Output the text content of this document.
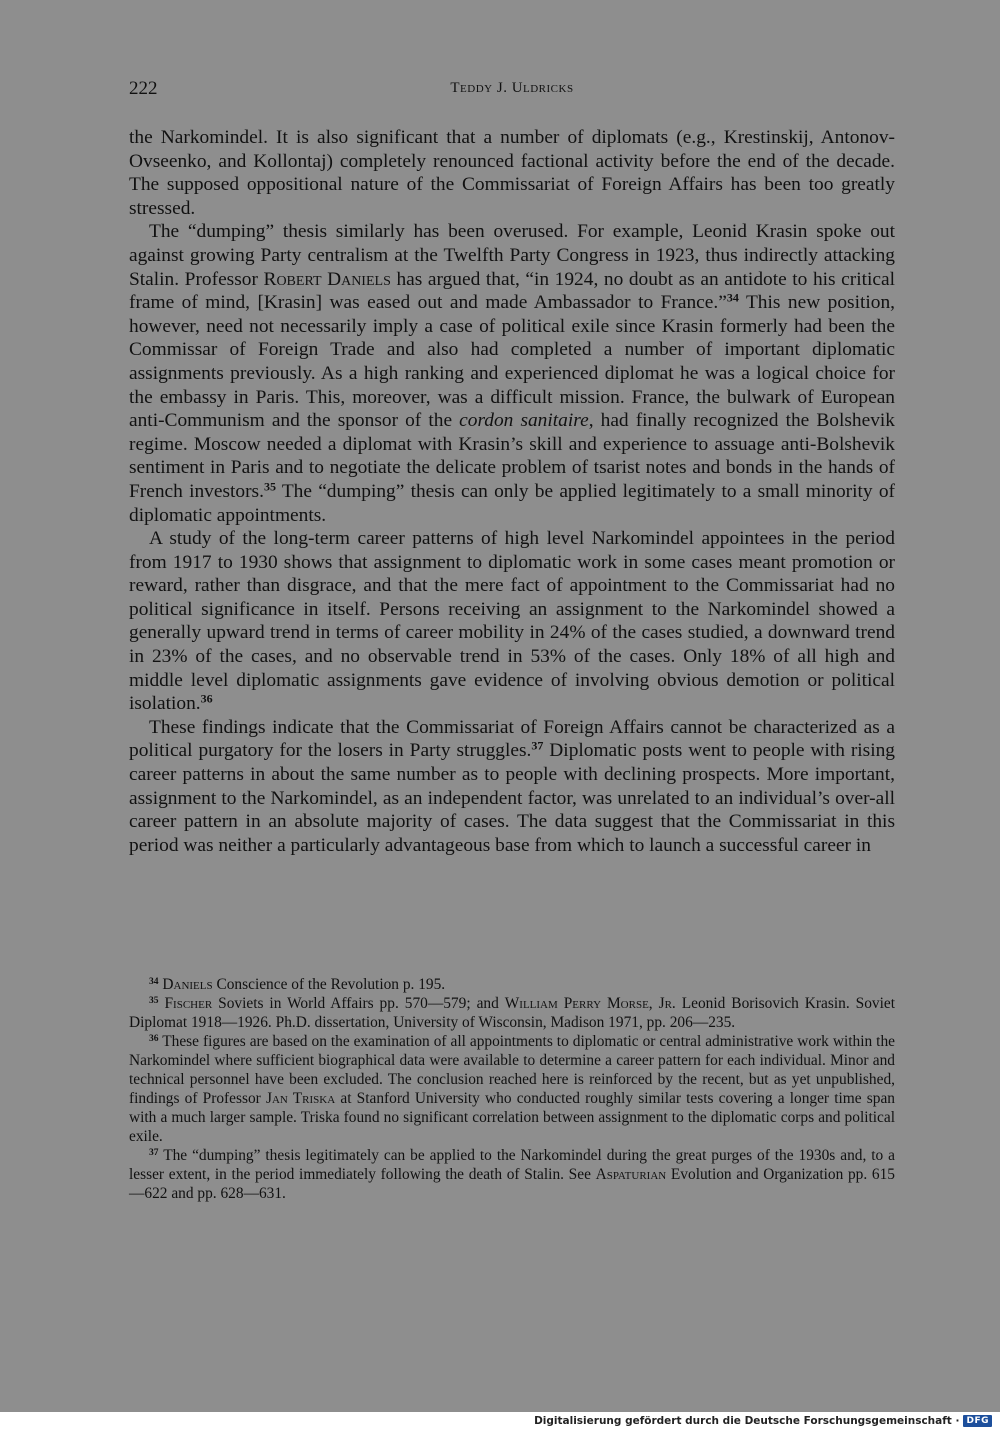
222	Teddy J. Uldricks

the Narkomindel. It is also significant that a number of diplomats (e.g., Krestinskij, Antonov-Ovseenko, and Kollontaj) completely renounced factional activity before the end of the decade. The supposed oppositional nature of the Commissariat of Foreign Affairs has been too greatly stressed.

The “dumping” thesis similarly has been overused. For example, Leonid Krasin spoke out against growing Party centralism at the Twelfth Party Congress in 1923, thus indirectly attacking Stalin. Professor Robert Daniels has argued that, “in 1924, no doubt as an antidote to his critical frame of mind, [Krasin] was eased out and made Ambassador to France.”$^{34}$ This new position, however, need not necessarily imply a case of political exile since Krasin formerly had been the Commissar of Foreign Trade and also had completed a number of important diplomatic assignments previously. As a high ranking and experienced diplomat he was a logical choice for the embassy in Paris. This, moreover, was a difficult mission. France, the bulwark of European anti-Communism and the sponsor of the cordon sanitaire, had finally recognized the Bolshevik regime. Moscow needed a diplomat with Krasin’s skill and experience to assuage anti-Bolshevik sentiment in Paris and to negotiate the delicate problem of tsarist notes and bonds in the hands of French investors.$^{35}$ The “dumping” thesis can only be applied legitimately to a small minority of diplomatic appointments.

A study of the long-term career patterns of high level Narkomindel appointees in the period from 1917 to 1930 shows that assignment to diplomatic work in some cases meant promotion or reward, rather than disgrace, and that the mere fact of appointment to the Commissariat had no political significance in itself. Persons receiving an assignment to the Narkomindel showed a generally upward trend in terms of career mobility in 24% of the cases studied, a downward trend in 23% of the cases, and no observable trend in 53% of the cases. Only 18% of all high and middle level diplomatic assignments gave evidence of involving obvious demotion or political isolation.$^{36}$

These findings indicate that the Commissariat of Foreign Affairs cannot be characterized as a political purgatory for the losers in Party struggles.$^{37}$ Diplomatic posts went to people with rising career patterns in about the same number as to people with declining prospects. More important, assignment to the Narkomindel, as an independent factor, was unrelated to an individual’s over-all career pattern in an absolute majority of cases. The data suggest that the Commissariat in this period was neither a particularly advantageous base from which to launch a successful career in

$^{34}$ Daniels Conscience of the Revolution p. 195.

$^{35}$ Fischer Soviets in World Affairs pp. 570—579; and William Perry Morse, Jr. Leonid Borisovich Krasin. Soviet Diplomat 1918—1926. Ph.D. dissertation, University of Wisconsin, Madison 1971, pp. 206—235.

$^{36}$ These figures are based on the examination of all appointments to diplomatic or central administrative work within the Narkomindel where sufficient biographical data were available to determine a career pattern for each individual. Minor and technical personnel have been excluded. The conclusion reached here is reinforced by the recent, but as yet unpublished, findings of Professor Jan Triska at Stanford University who conducted roughly similar tests covering a longer time span with a much larger sample. Triska found no significant correlation between assignment to the diplomatic corps and political exile.

$^{37}$ The “dumping” thesis legitimately can be applied to the Narkomindel during the great purges of the 1930s and, to a lesser extent, in the period immediately following the death of Stalin. See Aspaturian Evolution and Organization pp. 615—622 and pp. 628—631.

Digitalisierung gefördert durch die Deutsche Forschungsgemeinschaft · DFG
